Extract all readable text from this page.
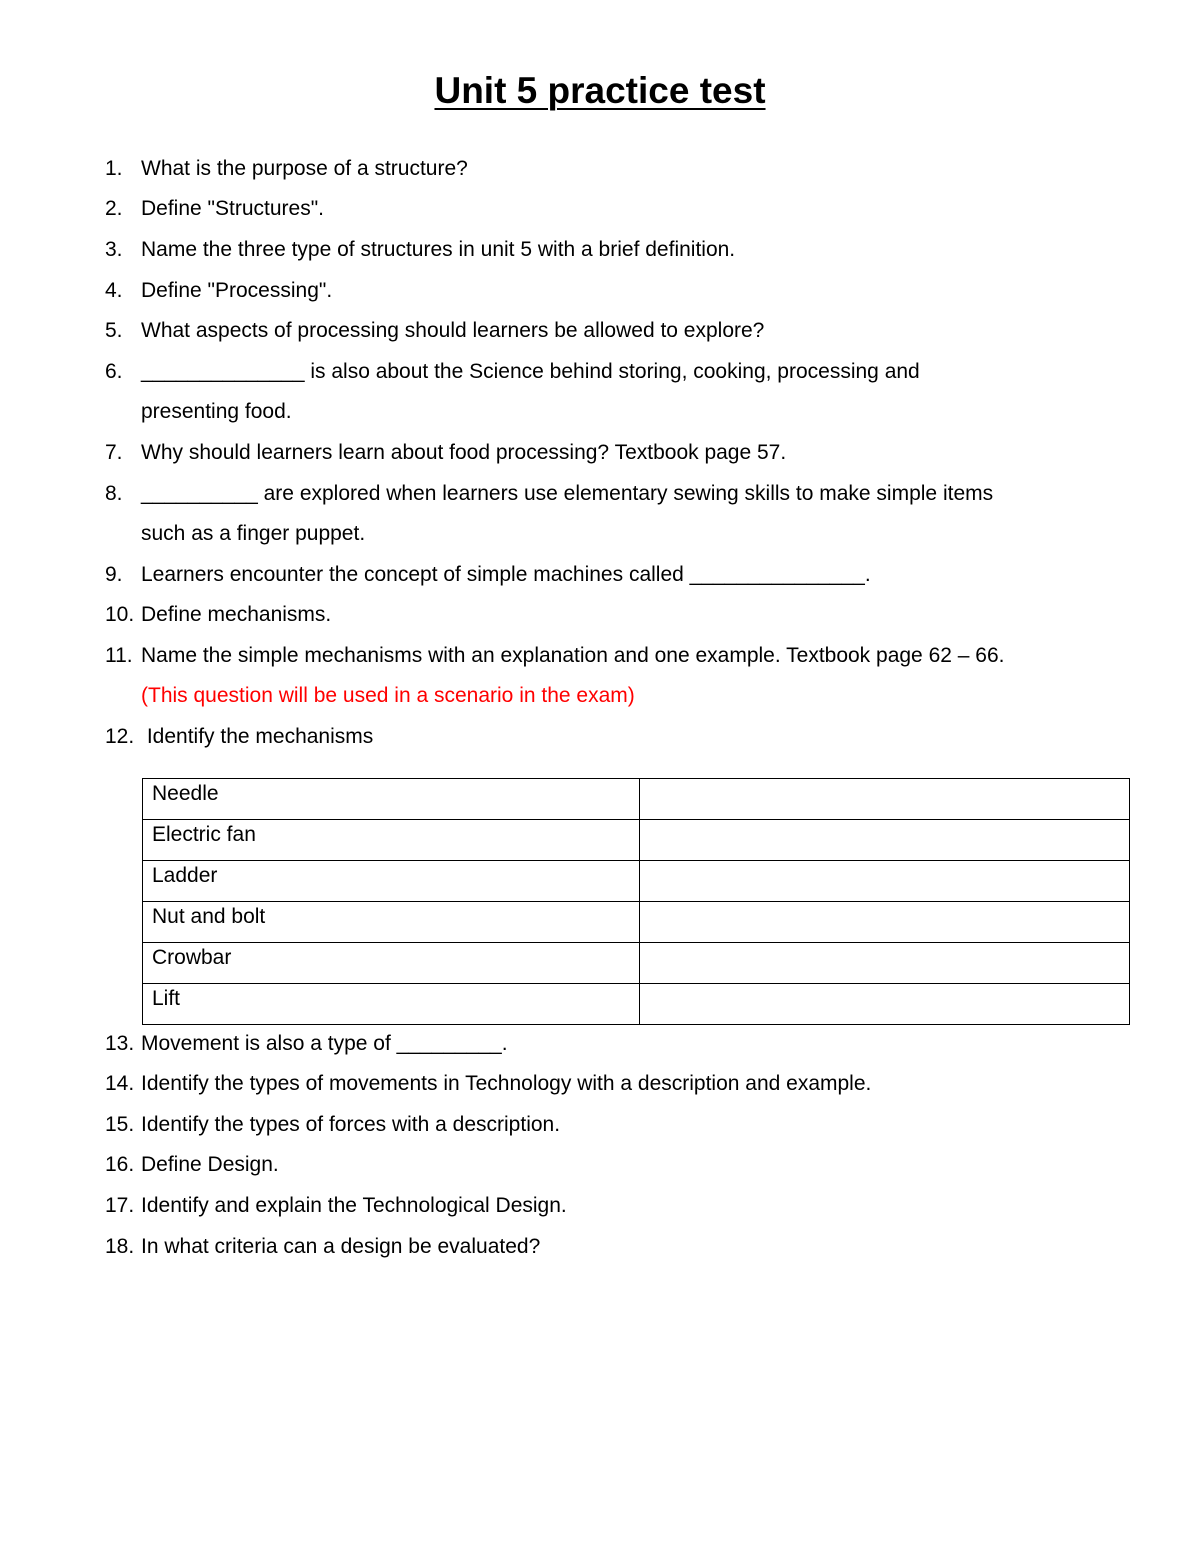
Unit 5 practice test
1. What is the purpose of a structure?
2. Define "Structures".
3. Name the three type of structures in unit 5 with a brief definition.
4. Define "Processing".
5. What aspects of processing should learners be allowed to explore?
6. ______________ is also about the Science behind storing, cooking, processing and
presenting food.
7. Why should learners learn about food processing? Textbook page 57.
8. __________ are explored when learners use elementary sewing skills to make simple items
such as a finger puppet.
9. Learners encounter the concept of simple machines called _______________.
10. Define mechanisms.
11. Name the simple mechanisms with an explanation and one example. Textbook page 62 – 66.
(This question will be used in a scenario in the exam)
12. Identify the mechanisms
Needle	
Electric fan	
Ladder	
Nut and bolt	
Crowbar	
Lift	
13. Movement is also a type of _________.
14. Identify the types of movements in Technology with a description and example.
15. Identify the types of forces with a description.
16. Define Design.
17. Identify and explain the Technological Design.
18. In what criteria can a design be evaluated?
